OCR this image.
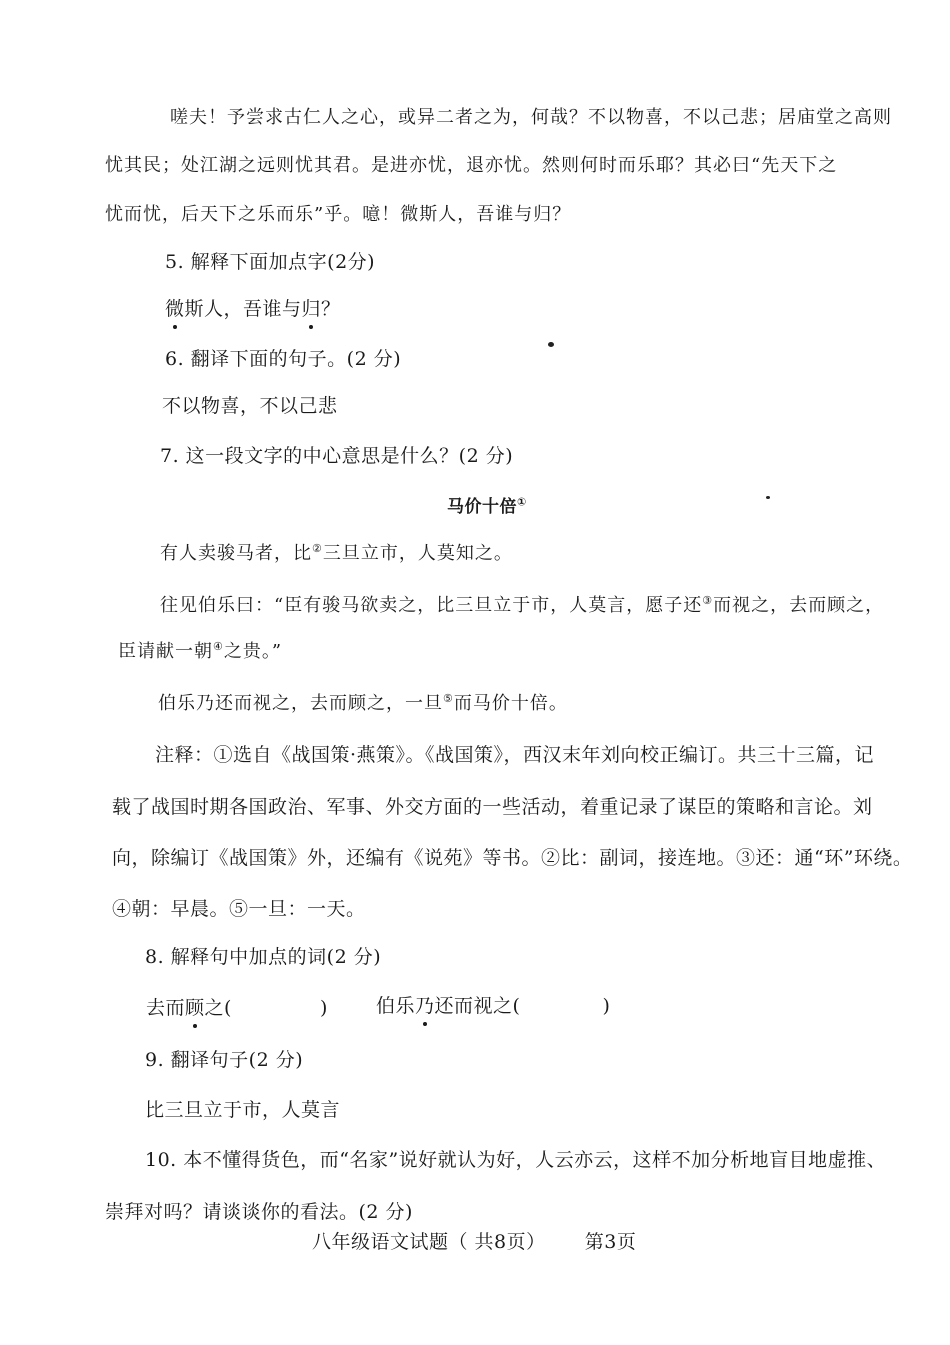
嗟夫！予尝求古仁人之心，或异二者之为，何哉？不以物喜，不以己悲；居庙堂之高则
忧其民；处江湖之远则忧其君。是进亦忧，退亦忧。然则何时而乐耶？其必曰“先天下之
忧而忧，后天下之乐而乐”乎。噫！微斯人，吾谁与归？
5. 解释下面加点字(2分)
微斯人，吾谁与归？
6. 翻译下面的句子。(2 分)
不以物喜，不以己悲
7. 这一段文字的中心意思是什么？(2 分)
马价十倍①
有人卖骏马者，比②三旦立市，人莫知之。
往见伯乐曰：“臣有骏马欲卖之，比三旦立于市，人莫言，愿子还③而视之，去而顾之，
臣请献一朝④之贵。”
伯乐乃还而视之，去而顾之，一旦⑤而马价十倍。
注释：①选自《战国策·燕策》。《战国策》，西汉末年刘向校正编订。共三十三篇，记
载了战国时期各国政治、军事、外交方面的一些活动，着重记录了谋臣的策略和言论。刘
向，除编订《战国策》外，还编有《说苑》等书。②比：副词，接连地。③还：通“环”环绕。
④朝：早晨。⑤一旦：一天。
8. 解释句中加点的词(2 分)
去而顾之(	)	伯乐乃还而视之(	)
9. 翻译句子(2 分)
比三旦立于市，人莫言
10. 本不懂得货色，而“名家”说好就认为好，人云亦云，这样不加分析地盲目地虚推、
崇拜对吗？请谈谈你的看法。(2 分)
八年级语文试题（ 共8页） 第3页
